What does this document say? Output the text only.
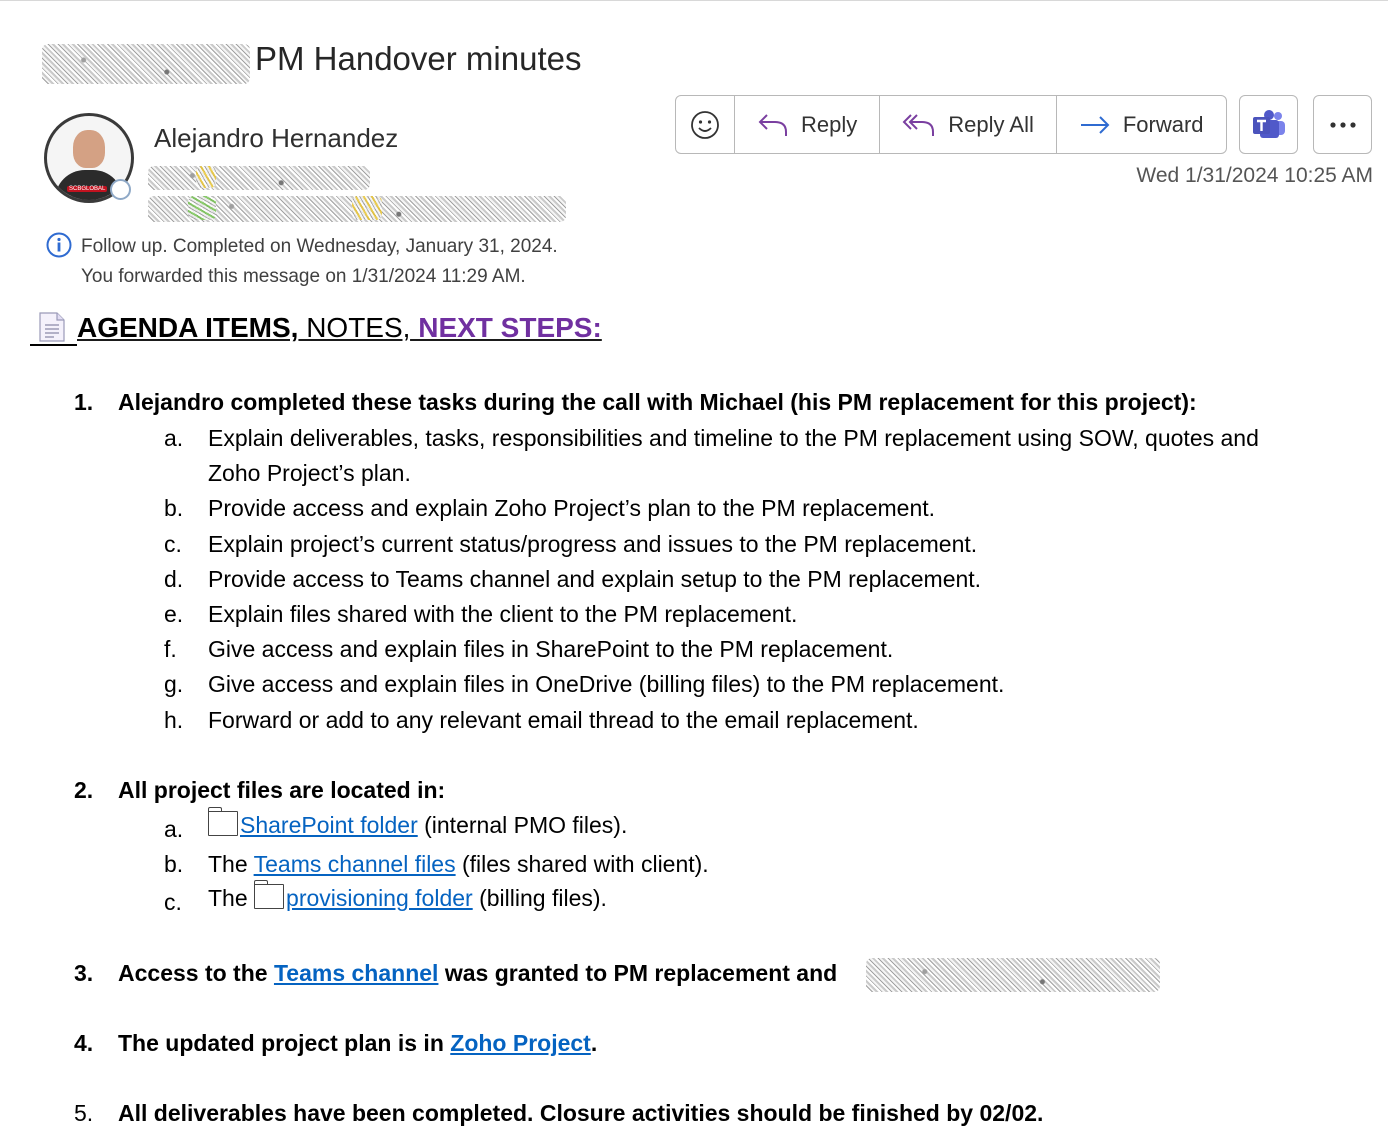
PM Handover minutes
SCBGLOBAL
Alejandro Hernandez
Follow up. Completed on Wednesday, January 31, 2024.
You forwarded this message on 1/31/2024 11:29 AM.
Reply	Reply All	Forward
Wed 1/31/2024 10:25 AM
AGENDA ITEMS, NOTES, NEXT STEPS:
1. Alejandro completed these tasks during the call with Michael (his PM replacement for this project):
a. Explain deliverables, tasks, responsibilities and timeline to the PM replacement using SOW, quotes and
Zoho Project’s plan.
b. Provide access and explain Zoho Project’s plan to the PM replacement.
c. Explain project’s current status/progress and issues to the PM replacement.
d. Provide access to Teams channel and explain setup to the PM replacement.
e. Explain files shared with the client to the PM replacement.
f. Give access and explain files in SharePoint to the PM replacement.
g. Give access and explain files in OneDrive (billing files) to the PM replacement.
h. Forward or add to any relevant email thread to the email replacement.
2. All project files are located in:
a.	SharePoint folder (internal PMO files).
b. The Teams channel files (files shared with client).
c. The provisioning folder (billing files).
3. Access to the Teams channel was granted to PM replacement and
4. The updated project plan is in Zoho Project.
5. All deliverables have been completed. Closure activities should be finished by 02/02.
